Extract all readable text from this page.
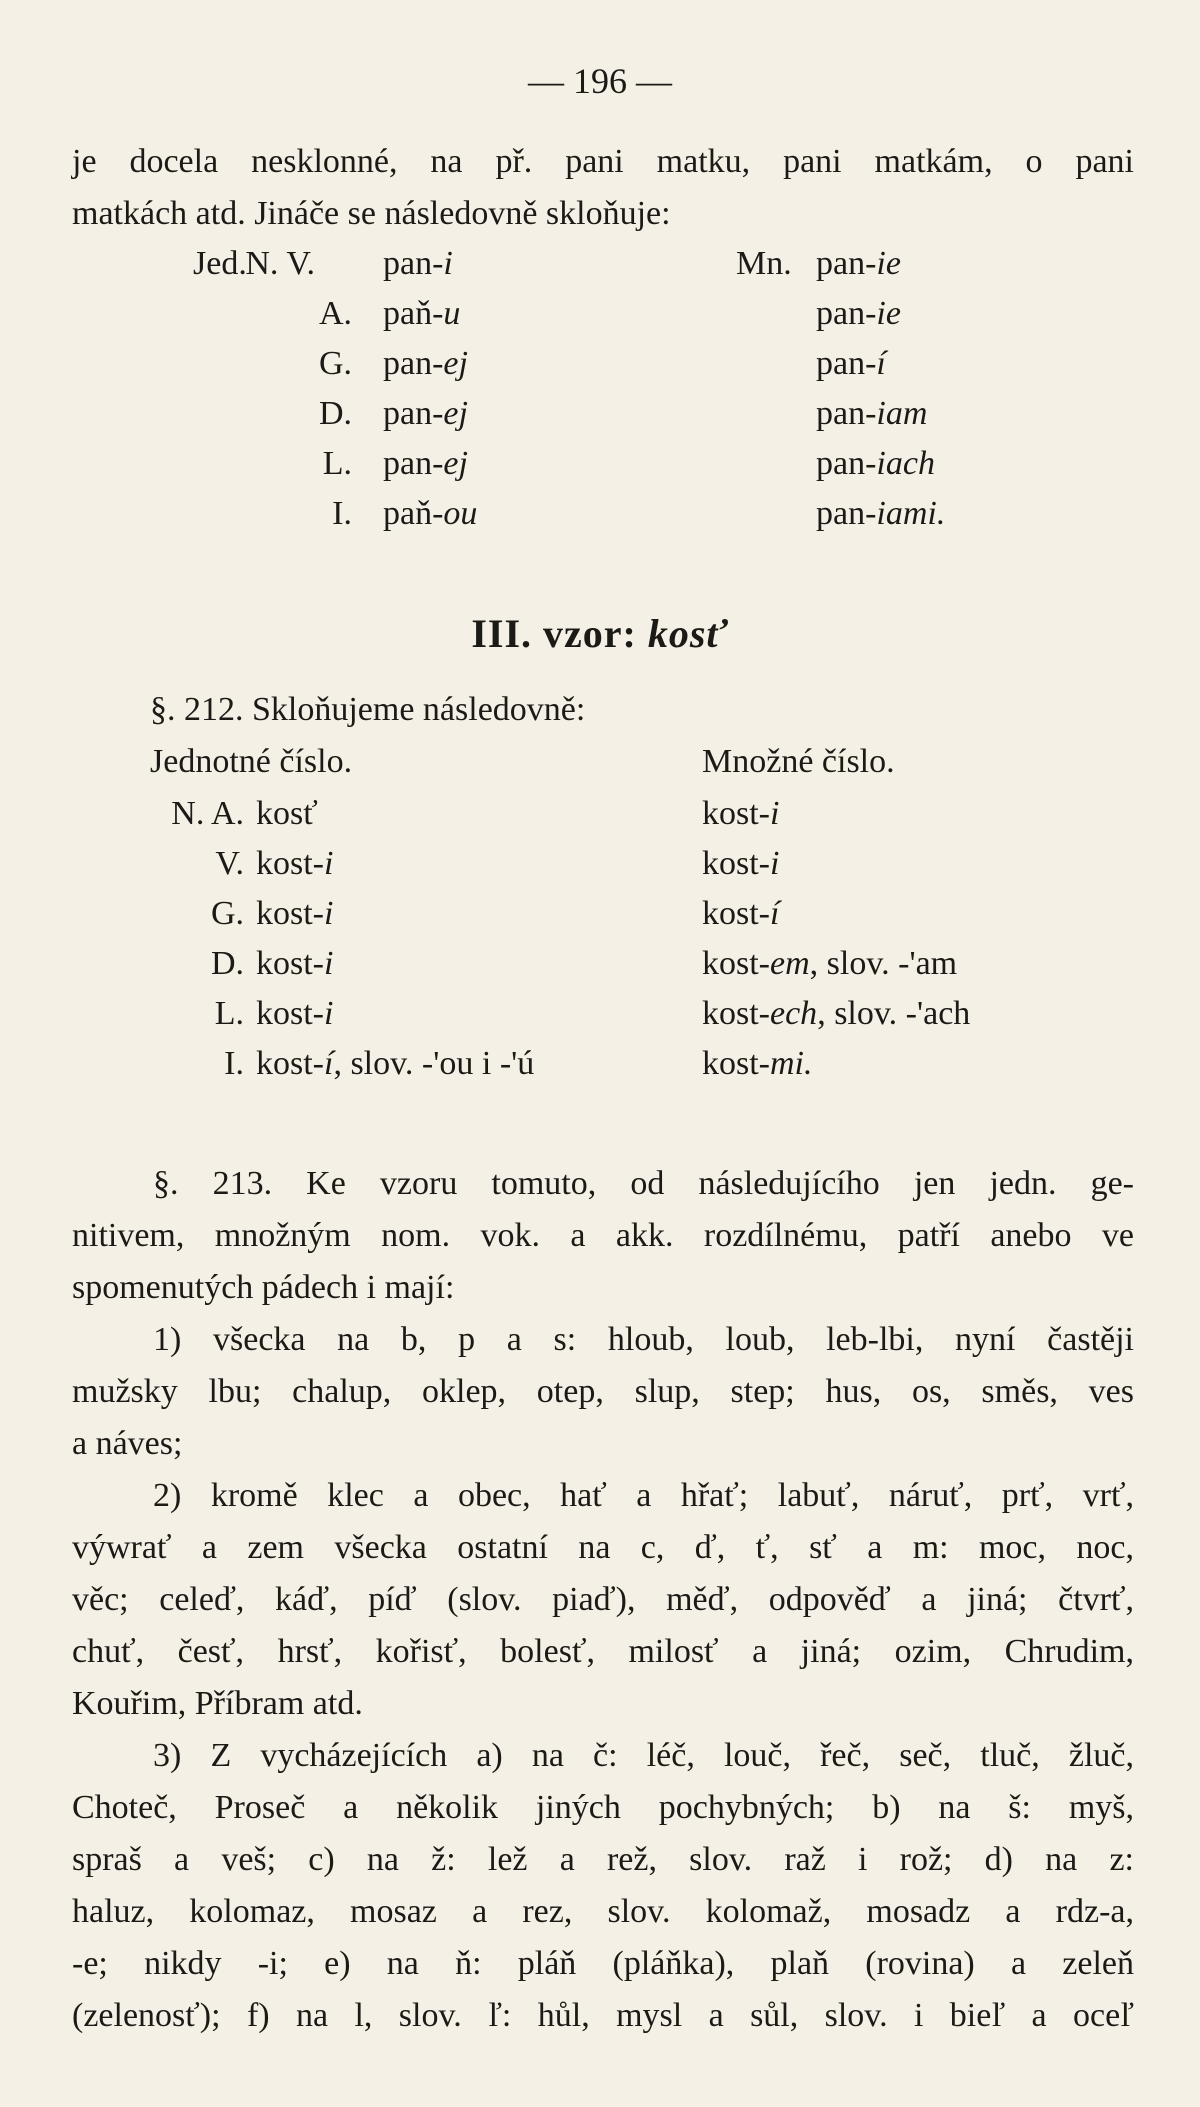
— 196 —
je docela nesklonné, na př. pani matku, pani matkám, o pani
matkách atd. Jináče se následovně skloňuje:
Jed.	Mn.
N. V. pan-i	pan-ie
A. paň-u	pan-ie
G. pan-ej	pan-í
D. pan-ej	pan-iam
L. pan-ej	pan-iach
I. paň-ou	pan-iami.
III. vzor: kosť
§. 212. Skloňujeme následovně:
Jednotné číslo.	Množné číslo.
N. A. kosť	kost-i
V. kost-i	kost-i
G. kost-i	kost-í
D. kost-i	kost-em, slov. -'am
L. kost-i	kost-ech, slov. -'ach
I. kost-í, slov. -'ou i -'ú	kost-mi.
§. 213. Ke vzoru tomuto, od následujícího jen jedn. ge-
nitivem, množným nom. vok. a akk. rozdílnému, patří anebo ve
spomenutých pádech i mají:
1) všecka na b, p a s: hloub, loub, leb-lbi, nyní častěji
mužsky lbu; chalup, oklep, otep, slup, step; hus, os, směs, ves
a náves;
2) kromě klec a obec, hať a hřať; labuť, náruť, prť, vrť,
výwrať a zem všecka ostatní na c, ď, ť, sť a m: moc, noc,
věc; celeď, káď, píď (slov. piaď), měď, odpověď a jiná; čtvrť,
chuť, česť, hrsť, kořisť, bolesť, milosť a jiná; ozim, Chrudim,
Kouřim, Příbram atd.
3) Z vycházejících a) na č: léč, louč, řeč, seč, tluč, žluč,
Choteč, Proseč a několik jiných pochybných; b) na š: myš,
spraš a veš; c) na ž: lež a rež, slov. raž i rož; d) na z:
haluz, kolomaz, mosaz a rez, slov. kolomaž, mosadz a rdz-a,
-e; nikdy -i; e) na ň: pláň (pláňka), plaň (rovina) a zeleň
(zelenosť); f) na l, slov. ľ: hůl, mysl a sůl, slov. i bieľ a oceľ
